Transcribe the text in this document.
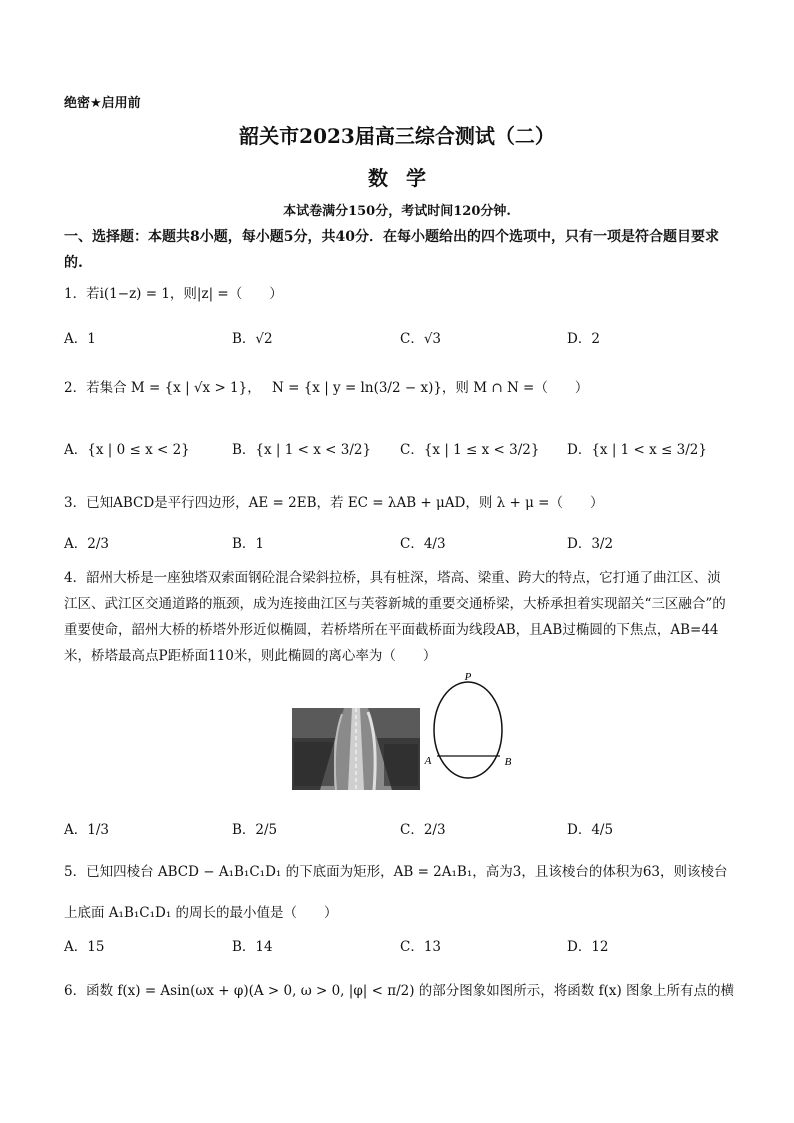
绝密★启用前
韶关市2023届高三综合测试（二）
数学
本试卷满分150分，考试时间120分钟.
一、选择题：本题共8小题，每小题5分，共40分．在每小题给出的四个选项中，只有一项是符合题目要求的.
1．若i(1−z) = 1，则|z| =（　　）
A．1	B．√2	C．√3	D．2
2．若集合 M = {x | √x > 1}， N = {x | y = ln(3/2 − x)}，则 M ∩ N =（　　）
A．{x | 0 ≤ x < 2}	B．{x | 1 < x < 3/2} C．{x | 1 ≤ x < 3/2} D．{x | 1 < x ≤ 3/2}
3．已知ABCD是平行四边形，AE = 2EB，若 EC = λAB + μAD，则 λ + μ =（　　）
A．2/3	B．1	C．4/3	D．3/2
4．韶州大桥是一座独塔双索面钢砼混合梁斜拉桥，具有桩深，塔高、梁重、跨大的特点，它打通了曲江区、浈江区、武江区交通道路的瓶颈，成为连接曲江区与芙蓉新城的重要交通桥梁，大桥承担着实现韶关“三区融合”的重要使命，韶州大桥的桥塔外形近似椭圆，若桥塔所在平面截桥面为线段AB，且AB过椭圆的下焦点，AB=44米，桥塔最高点P距桥面110米，则此椭圆的离心率为（　　）
P
A	B
A．1/3	B．2/5	C．2/3	D．4/5
5．已知四棱台 ABCD − A₁B₁C₁D₁ 的下底面为矩形，AB = 2A₁B₁，高为3，且该棱台的体积为63，则该棱台
上底面 A₁B₁C₁D₁ 的周长的最小值是（　　）
A．15	B．14	C．13	D．12
6．函数 f(x) = Asin(ωx + φ)(A > 0, ω > 0, |φ| < π/2) 的部分图象如图所示，将函数 f(x) 图象上所有点的横
